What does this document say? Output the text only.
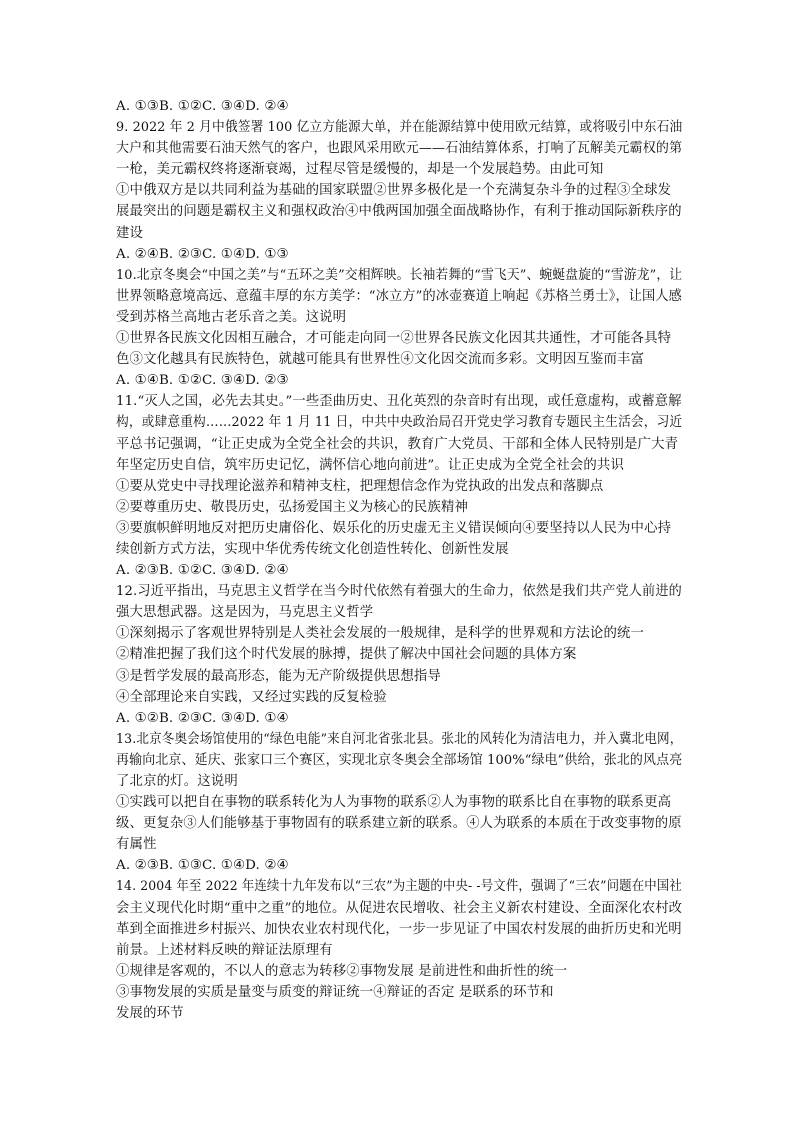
A. ①③B. ①②C. ③④D. ②④
9. 2022 年 2 月中俄签署 100 亿立方能源大单，并在能源结算中使用欧元结算，或将吸引中东石油
大户和其他需要石油天然气的客户，也跟风采用欧元——石油结算体系，打响了瓦解美元霸权的第
一枪，美元霸权终将逐渐衰竭，过程尽管是缓慢的，却是一个发展趋势。由此可知
①中俄双方是以共同利益为基础的国家联盟②世界多极化是一个充满复杂斗争的过程③全球发
展最突出的问题是霸权主义和强权政治④中俄两国加强全面战略协作，有利于推动国际新秩序的
建设
A. ②④B. ②③C. ①④D. ①③
10.北京冬奥会“中国之美”与“五环之美”交相辉映。长袖若舞的“雪飞天”、蜿蜒盘旋的“雪游龙”，让
世界领略意境高远、意蕴丰厚的东方美学：“冰立方”的冰壶赛道上响起《苏格兰勇士》，让国人感
受到苏格兰高地古老乐音之美。这说明
①世界各民族文化因相互融合，才可能走向同一②世界各民族文化因其共通性，才可能各具特
色③文化越具有民族特色，就越可能具有世界性④文化因交流而多彩。文明因互鉴而丰富
A. ①④B. ①②C. ③④D. ②③
11.“灭人之国，必先去其史。”一些歪曲历史、丑化英烈的杂音时有出现，或任意虚构，或蓄意解
构，或肆意重构……2022 年 1 月 11 日，中共中央政治局召开党史学习教育专题民主生活会，习近
平总书记强调，“让正史成为全党全社会的共识，教育广大党员、干部和全体人民特别是广大青
年坚定历史自信，筑牢历史记忆，满怀信心地向前进”。让正史成为全党全社会的共识
①要从党史中寻找理论滋养和精神支柱，把理想信念作为党执政的出发点和落脚点
②要尊重历史、敬畏历史，弘扬爱国主义为核心的民族精神
③要旗帜鲜明地反对把历史庸俗化、娱乐化的历史虚无主义错误倾向④要坚持以人民为中心持
续创新方式方法，实现中华优秀传统文化创造性转化、创新性发展
A. ②③B. ①②C. ③④D. ②④
12.习近平指出，马克思主义哲学在当今时代依然有着强大的生命力，依然是我们共产党人前进的
强大思想武器。这是因为，马克思主义哲学
①深刻揭示了客观世界特别是人类社会发展的一般规律，是科学的世界观和方法论的统一
②精准把握了我们这个时代发展的脉搏，提供了解决中国社会问题的具体方案
③是哲学发展的最高形态，能为无产阶级提供思想指导
④全部理论来自实践，又经过实践的反复检验
A. ①②B. ②③C. ③④D. ①④
13.北京冬奥会场馆使用的“绿色电能”来自河北省张北县。张北的风转化为清洁电力，并入冀北电网，
再输向北京、延庆、张家口三个赛区，实现北京冬奥会全部场馆 100%“绿电”供给，张北的风点亮
了北京的灯。这说明
①实践可以把自在事物的联系转化为人为事物的联系②人为事物的联系比自在事物的联系更高
级、更复杂③人们能够基于事物固有的联系建立新的联系。④人为联系的本质在于改变事物的原
有属性
A. ②③B. ①③C. ①④D. ②④
14. 2004 年至 2022 年连续十九年发布以“三农”为主题的中央- -号文件，强调了“三农”问题在中国社
会主义现代化时期“重中之重”的地位。从促进农民增收、社会主义新农村建设、全面深化农村改
革到全面推进乡村振兴、加快农业农村现代化，一步一步见证了中国农村发展的曲折历史和光明
前景。上述材料反映的辩证法原理有
①规律是客观的，不以人的意志为转移②事物发展 是前进性和曲折性的统一
③事物发展的实质是量变与质变的辩证统一④辩证的否定 是联系的环节和
发展的环节
